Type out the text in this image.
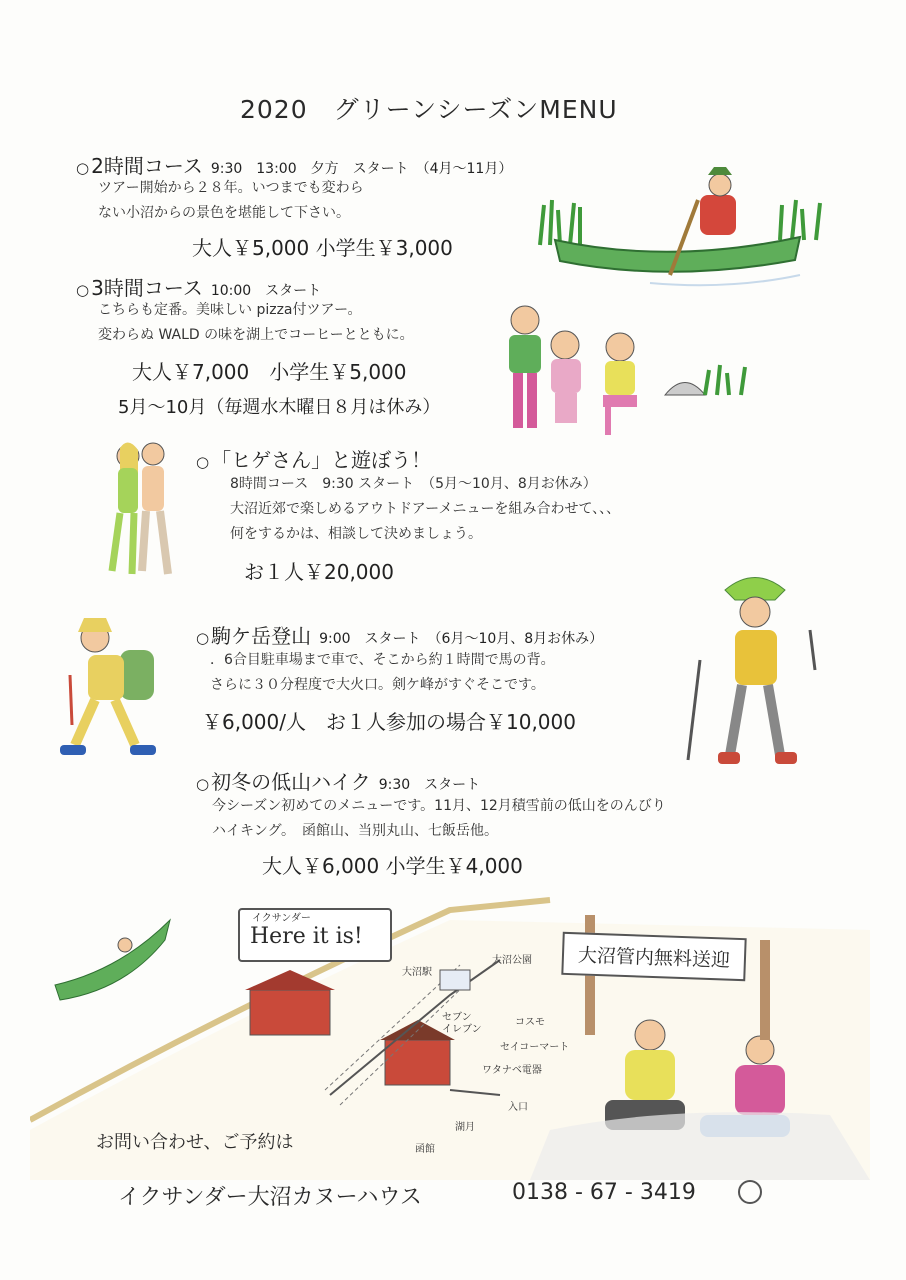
2020　グリーンシーズンMENU
○ 2時間コース 9:30　13:00　夕方　スタート　（4月～11月）
ツアー開始から２８年。いつまでも変わら
ない小沼からの景色を堪能して下さい。
大人￥5,000 小学生￥3,000
○ 3時間コース 10:00　スタート
こちらも定番。美味しい pizza付ツアー。
変わらぬ WALD の味を湖上でコーヒーとともに。
大人￥7,000　小学生￥5,000
5月～10月（毎週水木曜日８月は休み）
○ 「ヒゲさん」と遊ぼう！
8時間コース　9:30 スタート　（5月～10月、8月お休み）
大沼近郊で楽しめるアウトドアーメニューを組み合わせて、、、
何をするかは、相談して決めましょう。
お１人￥20,000
○ 駒ケ岳登山 9:00　スタート　（6月～10月、8月お休み）
．6合目駐車場まで車で、そこから約１時間で馬の背。
さらに３０分程度で大火口。剣ケ峰がすぐそこです。
￥6,000/人　お１人参加の場合￥10,000
○ 初冬の低山ハイク 9:30　スタート
今シーズン初めてのメニューです。11月、12月積雪前の低山をのんびり
ハイキング。　函館山、当別丸山、七飯岳他。
大人￥6,000 小学生￥4,000
大沼公園
大沼駅
セブン
イレブン
コスモ
セイコーマート
ワタナベ電器
入口
湖月
函館
イクサンダー
Here it is!
大沼管内無料送迎
お問い合わせ、ご予約は
イクサンダー大沼カヌーハウス	0138 - 67 - 3419
